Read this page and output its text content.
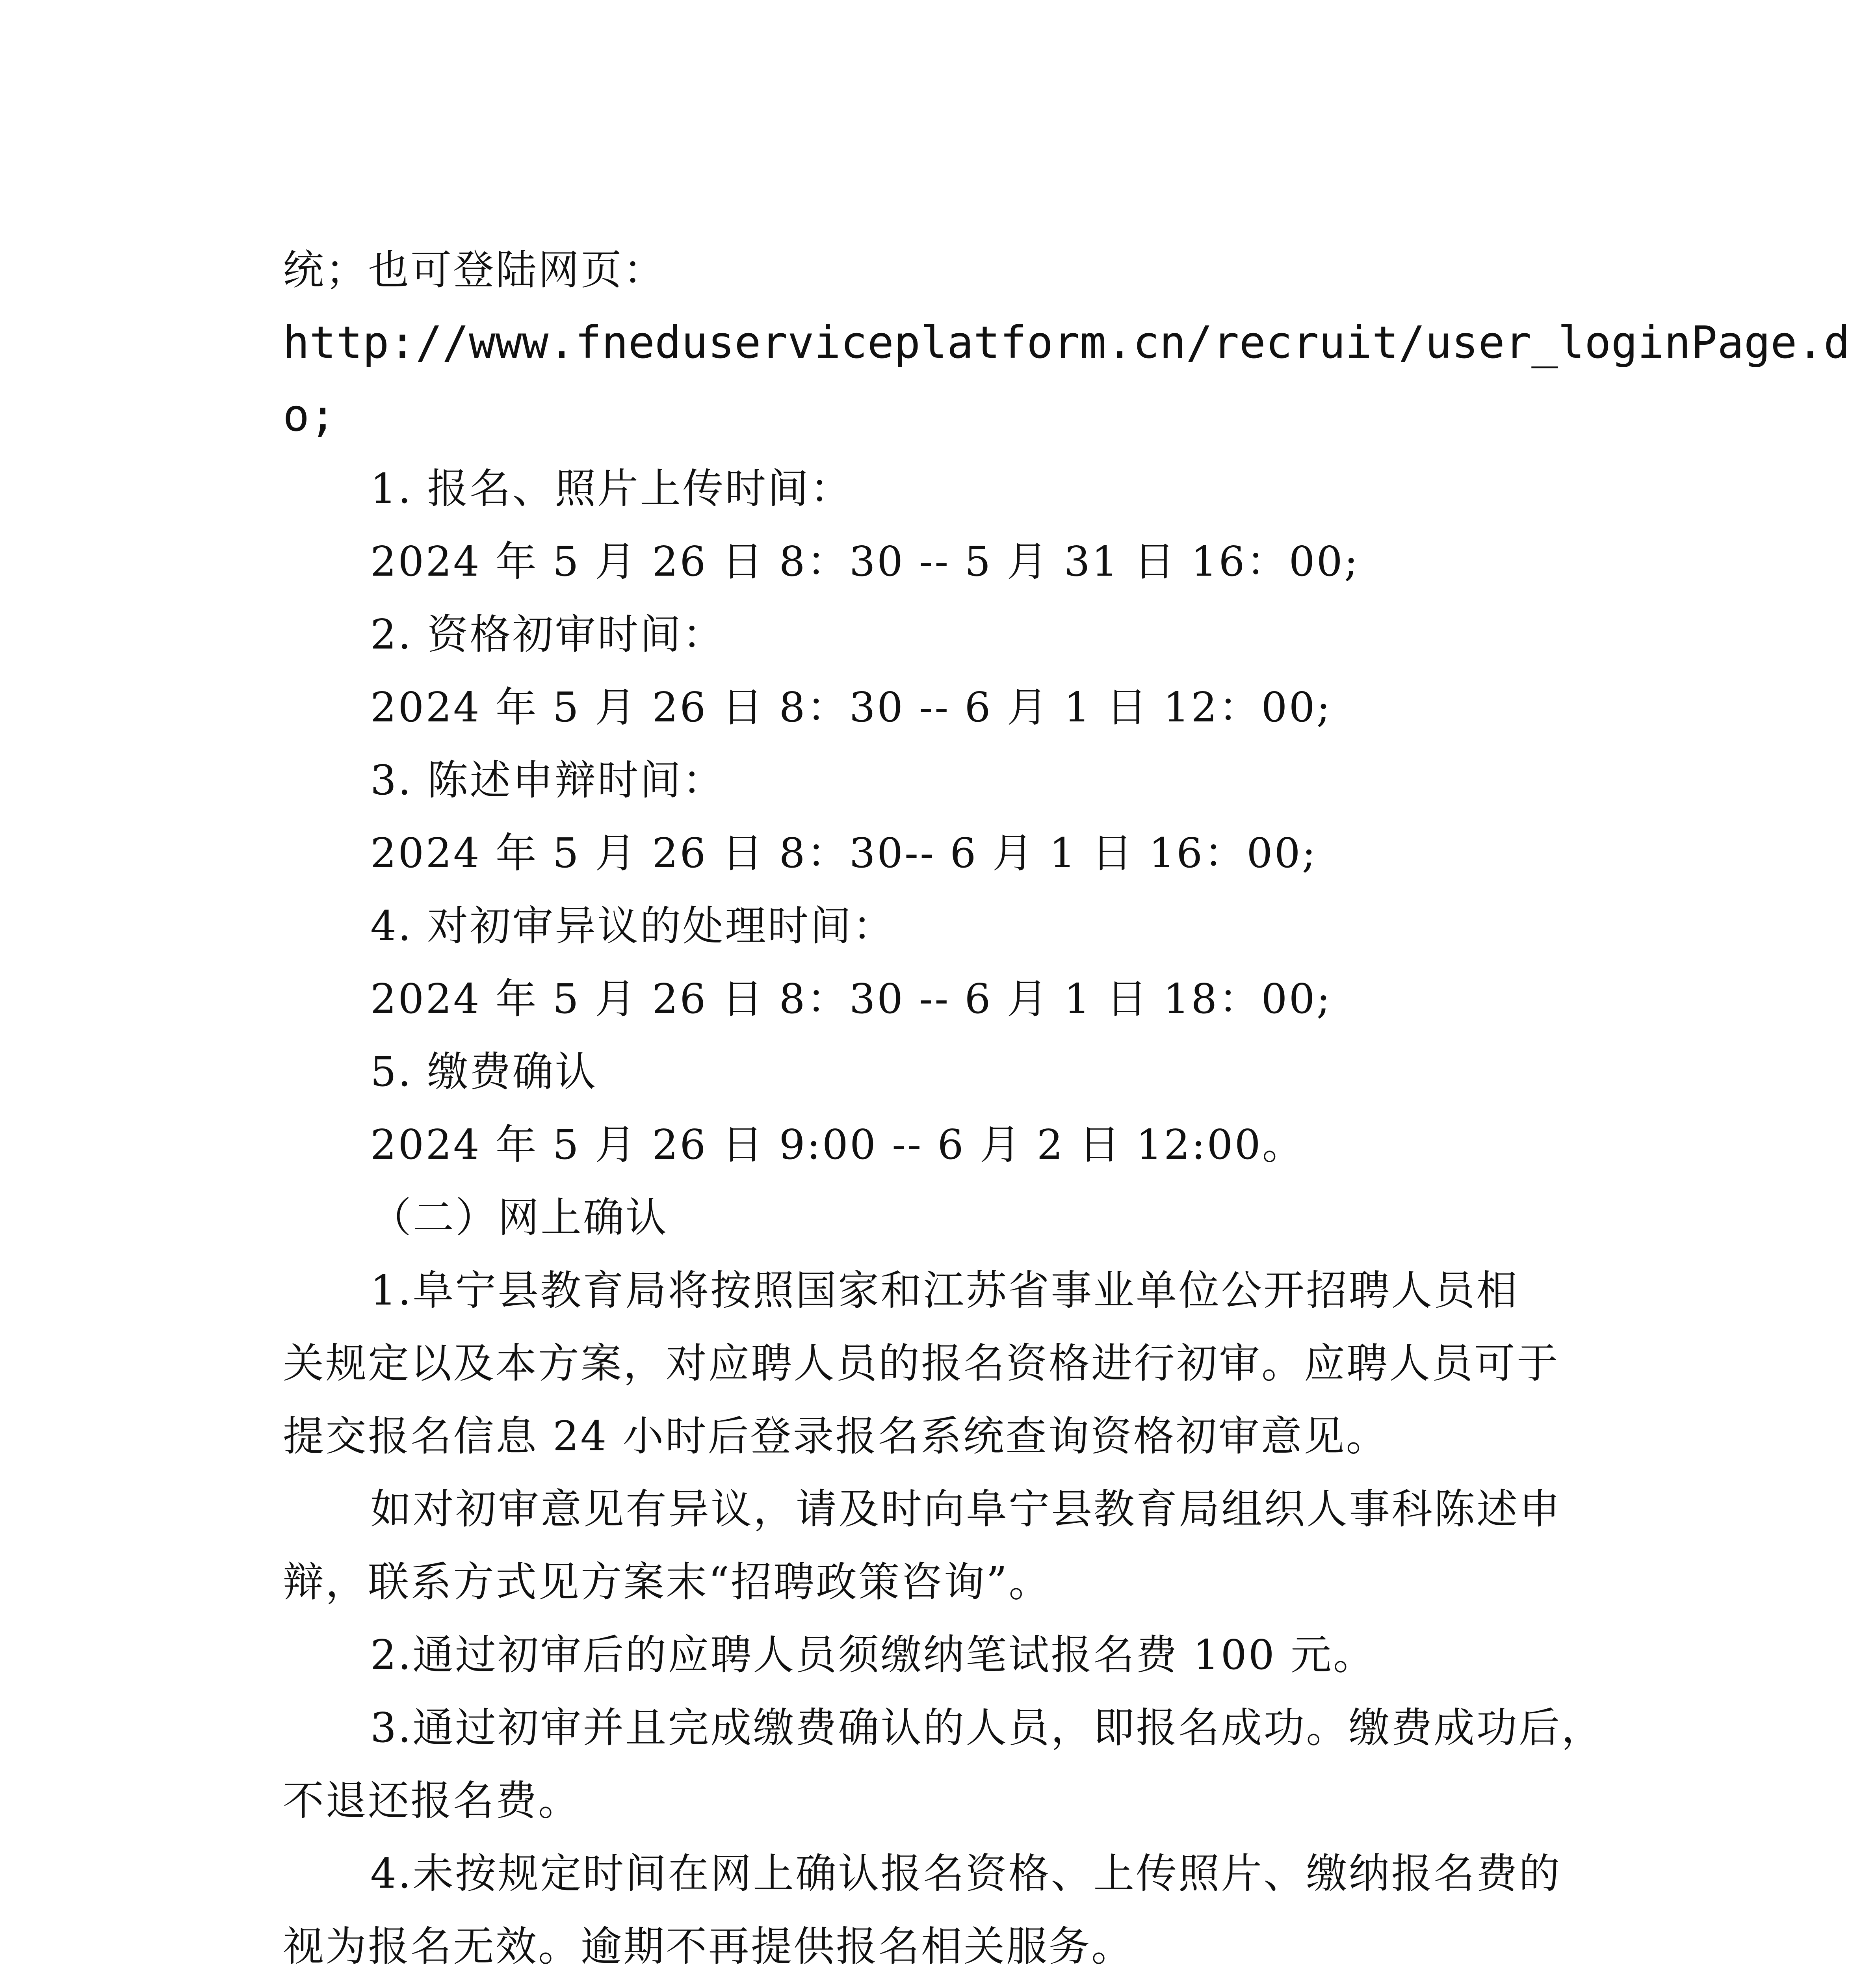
统；也可登陆网页：
http://www.fneduserviceplatform.cn/recruit/user_loginPage.d
o;
1. 报名、照片上传时间：
2024 年 5 月 26 日 8：30 -- 5 月 31 日 16：00;
2. 资格初审时间：
2024 年 5 月 26 日 8：30 -- 6 月 1 日 12：00;
3. 陈述申辩时间：
2024 年 5 月 26 日 8：30-- 6 月 1 日 16：00;
4. 对初审异议的处理时间：
2024 年 5 月 26 日 8：30 -- 6 月 1 日 18：00;
5. 缴费确认
2024 年 5 月 26 日 9:00 -- 6 月 2 日 12:00。
（二）网上确认
1.阜宁县教育局将按照国家和江苏省事业单位公开招聘人员相
关规定以及本方案，对应聘人员的报名资格进行初审。应聘人员可于
提交报名信息 24 小时后登录报名系统查询资格初审意见。
如对初审意见有异议，请及时向阜宁县教育局组织人事科陈述申
辩，联系方式见方案末“招聘政策咨询”。
2.通过初审后的应聘人员须缴纳笔试报名费 100 元。
3.通过初审并且完成缴费确认的人员，即报名成功。缴费成功后，
不退还报名费。
4.未按规定时间在网上确认报名资格、上传照片、缴纳报名费的
视为报名无效。逾期不再提供报名相关服务。
